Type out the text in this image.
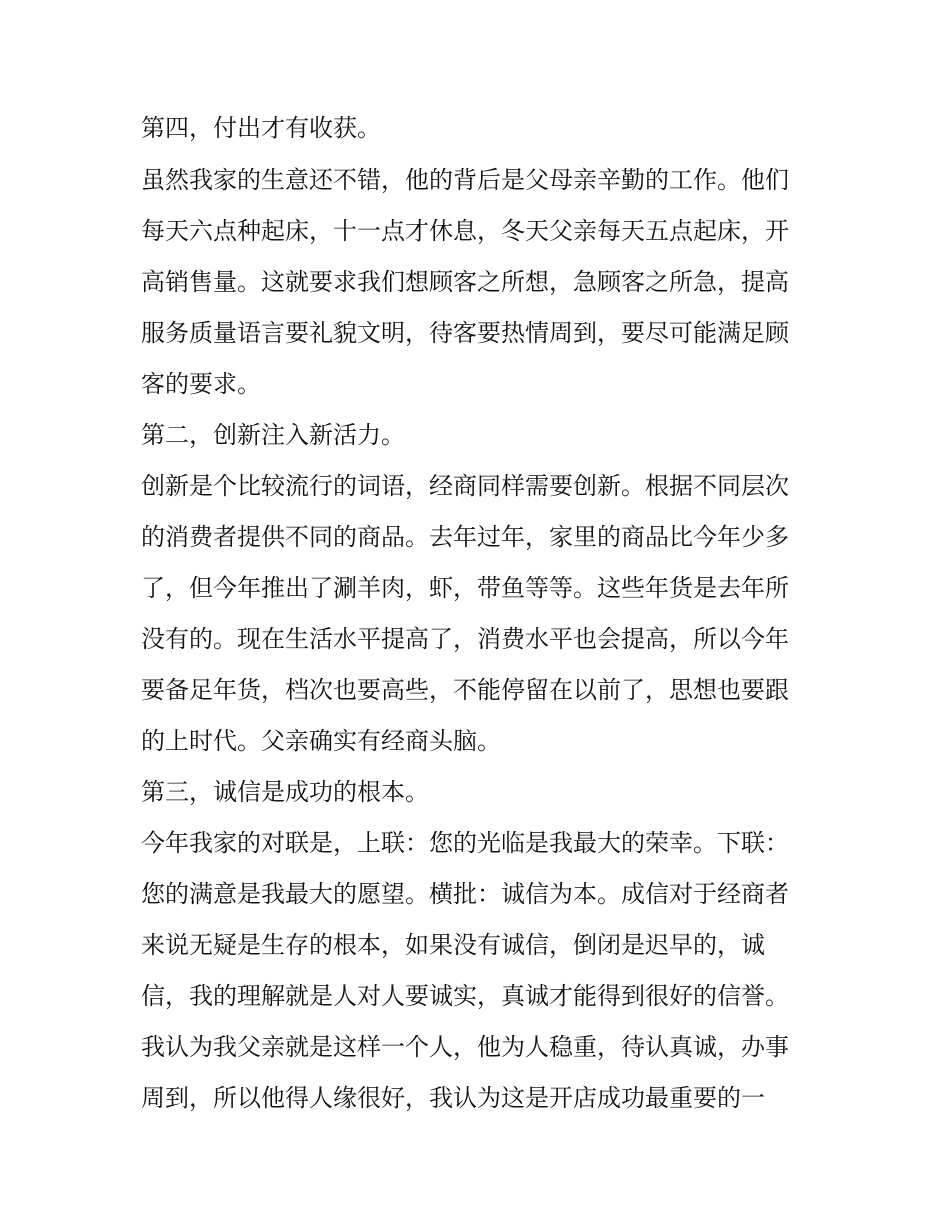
第四，付出才有收获。

虽然我家的生意还不错，他的背后是父母亲辛勤的工作。他们

每天六点种起床，十一点才休息，冬天父亲每天五点起床，开

高销售量。这就要求我们想顾客之所想，急顾客之所急，提高

服务质量语言要礼貌文明，待客要热情周到，要尽可能满足顾

客的要求。

第二，创新注入新活力。

创新是个比较流行的词语，经商同样需要创新。根据不同层次

的消费者提供不同的商品。去年过年，家里的商品比今年少多

了，但今年推出了涮羊肉，虾，带鱼等等。这些年货是去年所

没有的。现在生活水平提高了，消费水平也会提高，所以今年

要备足年货，档次也要高些，不能停留在以前了，思想也要跟

的上时代。父亲确实有经商头脑。

第三，诚信是成功的根本。

今年我家的对联是，上联：您的光临是我最大的荣幸。下联：

您的满意是我最大的愿望。横批：诚信为本。成信对于经商者

来说无疑是生存的根本，如果没有诚信，倒闭是迟早的，诚

信，我的理解就是人对人要诚实，真诚才能得到很好的信誉。

我认为我父亲就是这样一个人，他为人稳重，待认真诚，办事

周到，所以他得人缘很好，我认为这是开店成功最重要的一
